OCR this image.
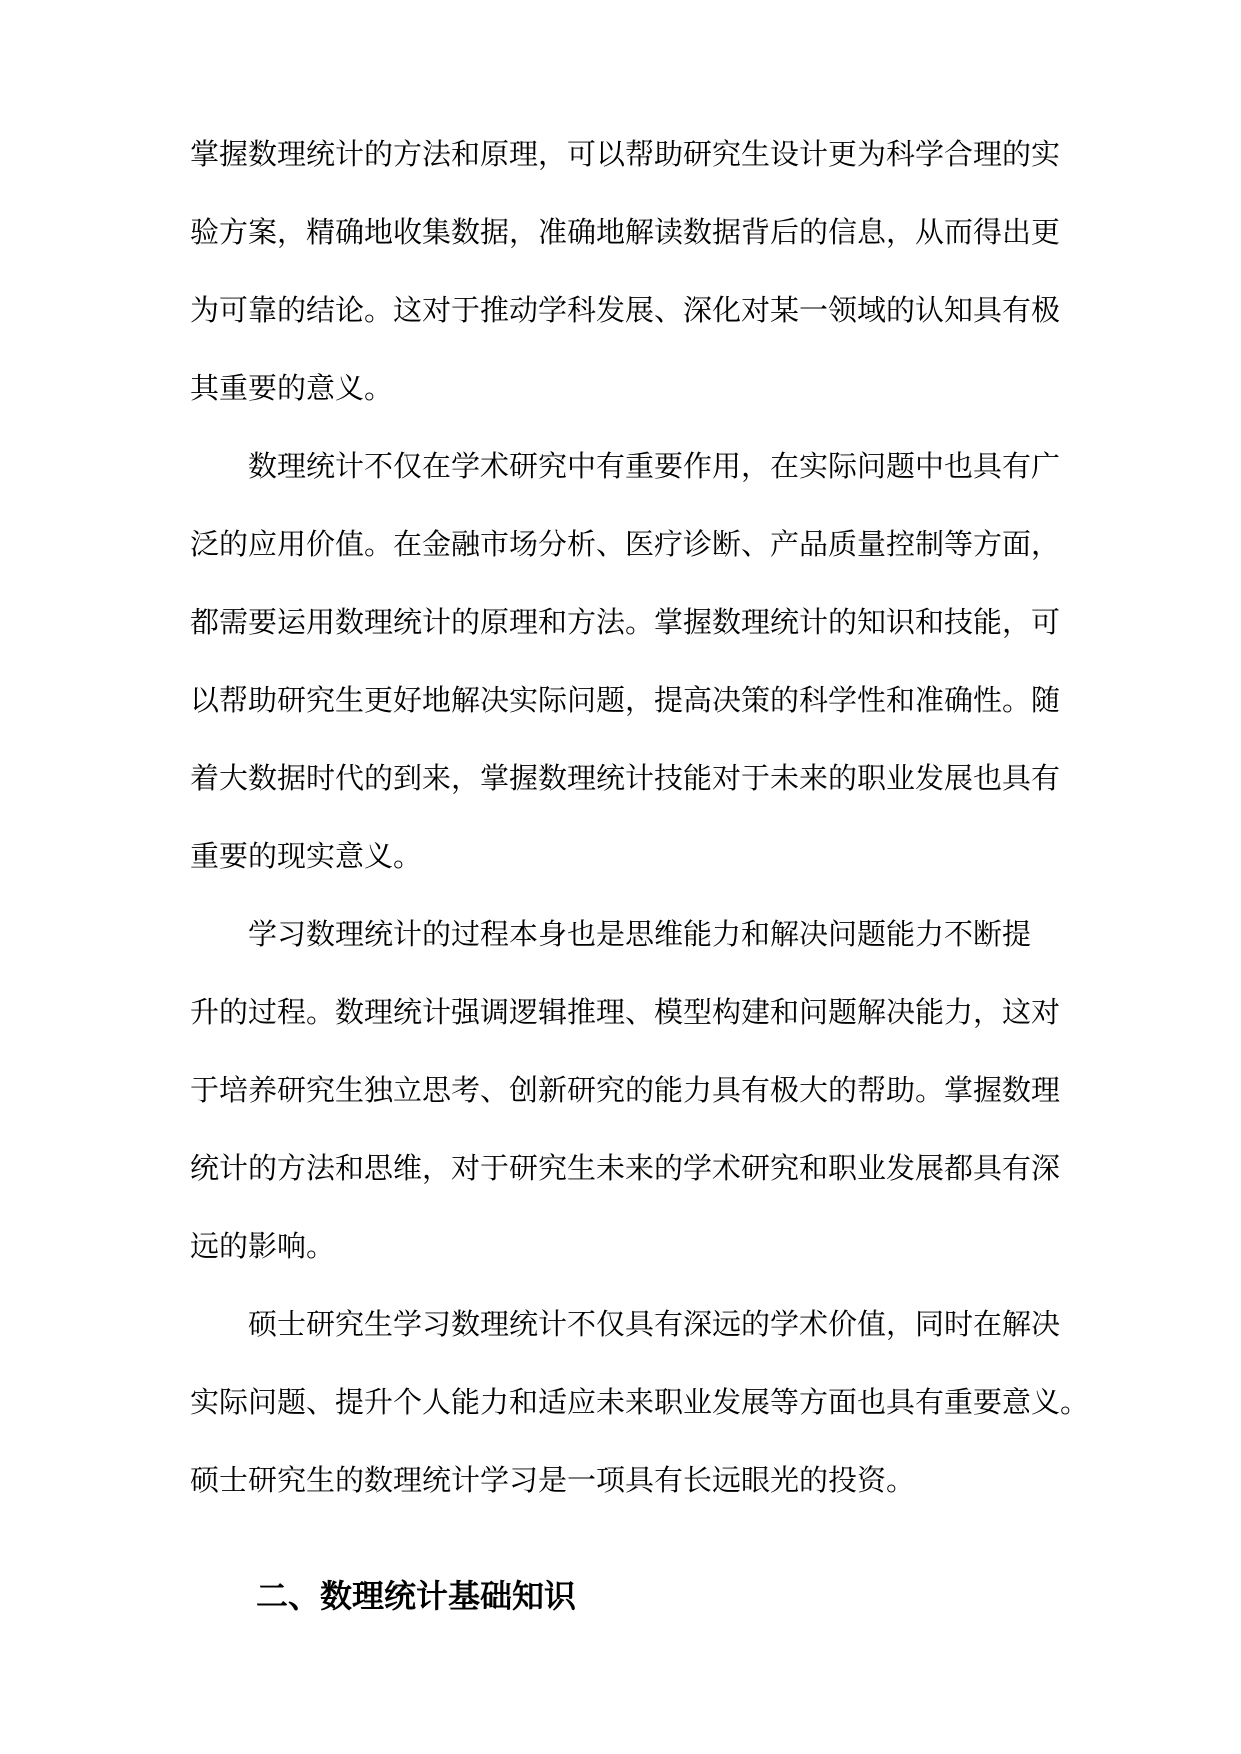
掌握数理统计的方法和原理，可以帮助研究生设计更为科学合理的实
验方案，精确地收集数据，准确地解读数据背后的信息，从而得出更
为可靠的结论。这对于推动学科发展、深化对某一领域的认知具有极
其重要的意义。
数理统计不仅在学术研究中有重要作用，在实际问题中也具有广
泛的应用价值。在金融市场分析、医疗诊断、产品质量控制等方面，
都需要运用数理统计的原理和方法。掌握数理统计的知识和技能，可
以帮助研究生更好地解决实际问题，提高决策的科学性和准确性。随
着大数据时代的到来，掌握数理统计技能对于未来的职业发展也具有
重要的现实意义。
学习数理统计的过程本身也是思维能力和解决问题能力不断提
升的过程。数理统计强调逻辑推理、模型构建和问题解决能力，这对
于培养研究生独立思考、创新研究的能力具有极大的帮助。掌握数理
统计的方法和思维，对于研究生未来的学术研究和职业发展都具有深
远的影响。
硕士研究生学习数理统计不仅具有深远的学术价值，同时在解决
实际问题、提升个人能力和适应未来职业发展等方面也具有重要意义。
硕士研究生的数理统计学习是一项具有长远眼光的投资。
二、数理统计基础知识
